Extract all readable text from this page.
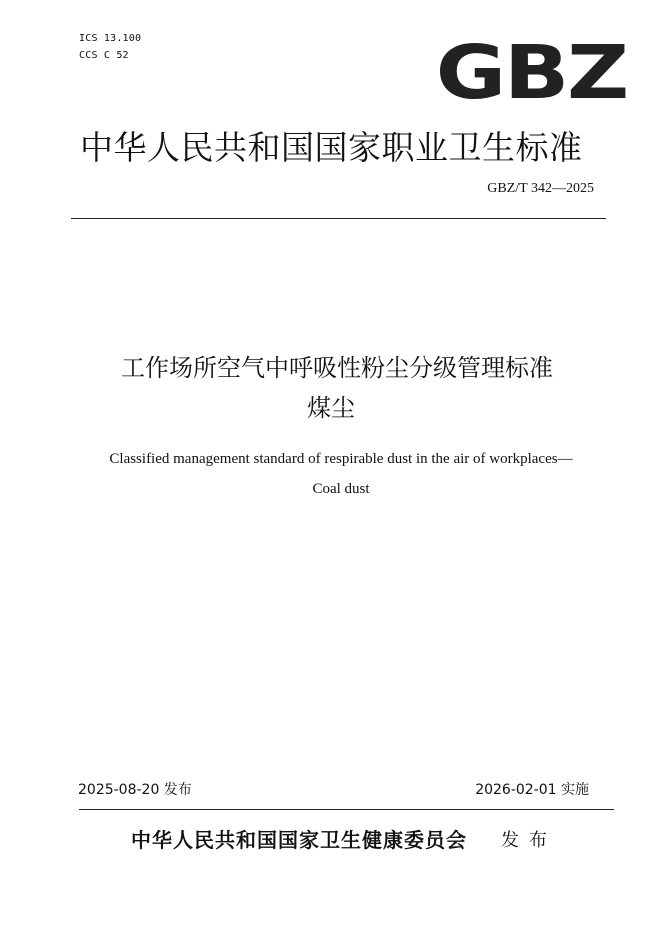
ICS 13.100
CCS C 52	GBZ
中华人民共和国国家职业卫生标准
GBZ/T 342—2025
工作场所空气中呼吸性粉尘分级管理标准
煤尘
Classified management standard of respirable dust in the air of workplaces—
Coal dust
2025-08-20 发布	2026-02-01 实施
中华人民共和国国家卫生健康委员会 发布
